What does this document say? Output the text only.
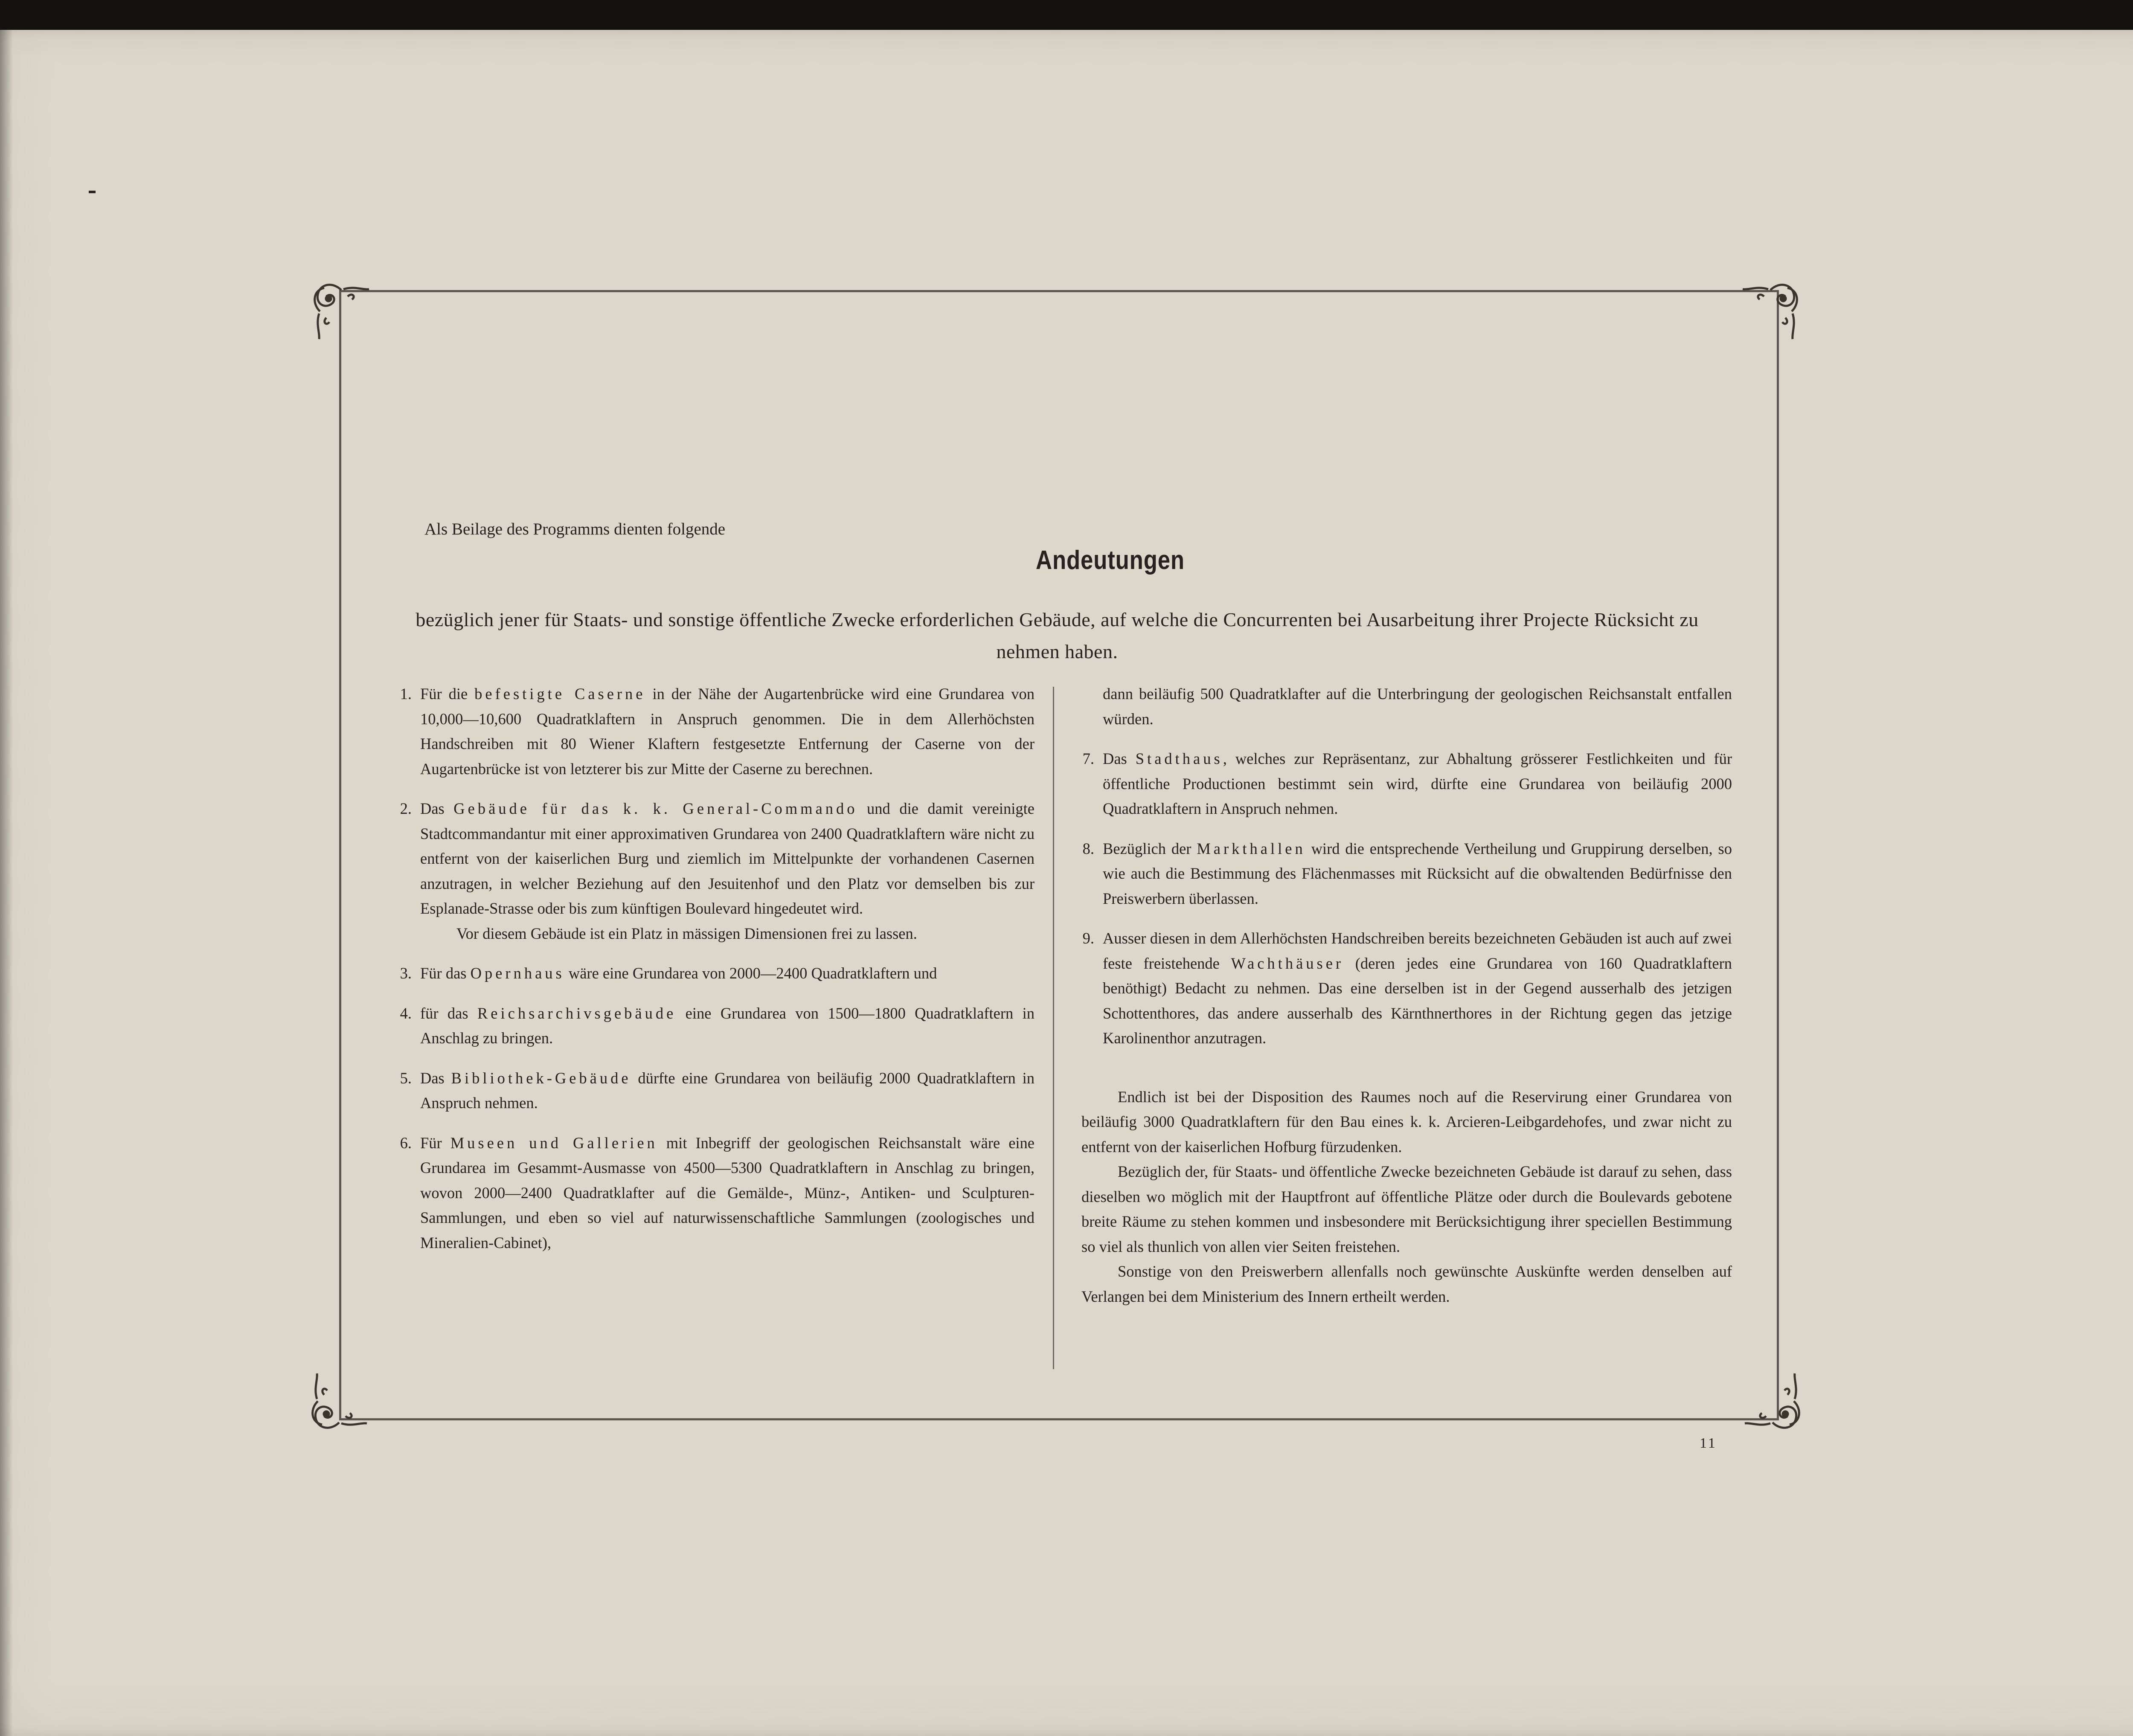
Als Beilage des Programms dienten folgende
Andeutungen
bezüglich jener für Staats- und sonstige öffentliche Zwecke erforderlichen Gebäude, auf welche die Concurrenten bei Ausarbeitung ihrer Projecte Rücksicht zu nehmen haben.
1. Für die befestigte Caserne in der Nähe der Augartenbrücke wird eine Grundarea von 10,000—10,600 Quadratklaftern in Anspruch genommen. Die in dem Allerhöchsten Handschreiben mit 80 Wiener Klaftern festgesetzte Entfernung der Caserne von der Augartenbrücke ist von letzterer bis zur Mitte der Caserne zu berechnen.
2. Das Gebäude für das k. k. General-Commando und die damit vereinigte Stadtcommandantur mit einer approximativen Grundarea von 2400 Quadratklaftern wäre nicht zu entfernt von der kaiserlichen Burg und ziemlich im Mittelpunkte der vorhandenen Casernen anzutragen, in welcher Beziehung auf den Jesuitenhof und den Platz vor demselben bis zur Esplanade-Strasse oder bis zum künftigen Boulevard hingedeutet wird.
Vor diesem Gebäude ist ein Platz in mässigen Dimensionen frei zu lassen.
3. Für das Opernhaus wäre eine Grundarea von 2000—2400 Quadratklaftern und
4. für das Reichsarchivsgebäude eine Grundarea von 1500—1800 Quadratklaftern in Anschlag zu bringen.
5. Das Bibliothek-Gebäude dürfte eine Grundarea von beiläufig 2000 Quadratklaftern in Anspruch nehmen.
6. Für Museen und Gallerien mit Inbegriff der geologischen Reichsanstalt wäre eine Grundarea im Gesammt-Ausmasse von 4500—5300 Quadratklaftern in Anschlag zu bringen, wovon 2000—2400 Quadratklafter auf die Gemälde-, Münz-, Antiken- und Sculpturen-Sammlungen, und eben so viel auf naturwissenschaftliche Sammlungen (zoologisches und Mineralien-Cabinet),
dann beiläufig 500 Quadratklafter auf die Unterbringung der geologischen Reichsanstalt entfallen würden.
7. Das Stadthaus, welches zur Repräsentanz, zur Abhaltung grösserer Festlichkeiten und für öffentliche Productionen bestimmt sein wird, dürfte eine Grundarea von beiläufig 2000 Quadratklaftern in Anspruch nehmen.
8. Bezüglich der Markthallen wird die entsprechende Vertheilung und Gruppirung derselben, so wie auch die Bestimmung des Flächenmasses mit Rücksicht auf die obwaltenden Bedürfnisse den Preiswerbern überlassen.
9. Ausser diesen in dem Allerhöchsten Handschreiben bereits bezeichneten Gebäuden ist auch auf zwei feste freistehende Wachthäuser (deren jedes eine Grundarea von 160 Quadratklaftern benöthigt) Bedacht zu nehmen. Das eine derselben ist in der Gegend ausserhalb des jetzigen Schottenthores, das andere ausserhalb des Kärnthnerthores in der Richtung gegen das jetzige Karolinenthor anzutragen.

Endlich ist bei der Disposition des Raumes noch auf die Reservirung einer Grundarea von beiläufig 3000 Quadratklaftern für den Bau eines k. k. Arcieren-Leibgardehofes, und zwar nicht zu entfernt von der kaiserlichen Hofburg fürzudenken.

Bezüglich der, für Staats- und öffentliche Zwecke bezeichneten Gebäude ist darauf zu sehen, dass dieselben wo möglich mit der Hauptfront auf öffentliche Plätze oder durch die Boulevards gebotene breite Räume zu stehen kommen und insbesondere mit Berücksichtigung ihrer speciellen Bestimmung so viel als thunlich von allen vier Seiten freistehen.

Sonstige von den Preiswerbern allenfalls noch gewünschte Auskünfte werden denselben auf Verlangen bei dem Ministerium des Innern ertheilt werden.

11
